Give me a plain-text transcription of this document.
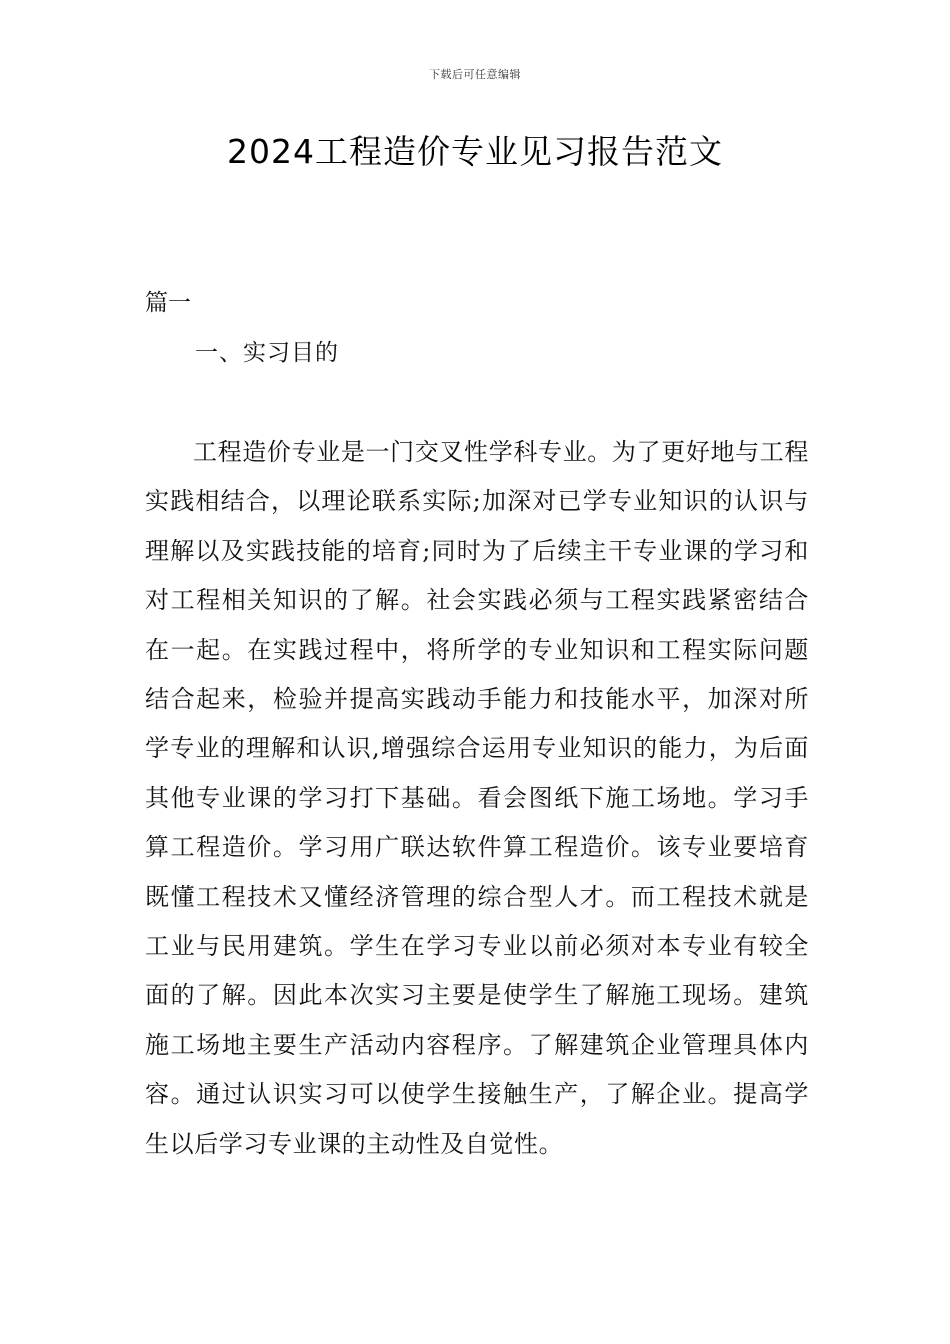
下载后可任意编辑
2024工程造价专业见习报告范文
篇一
一、实习目的

工程造价专业是一门交叉性学科专业。为了更好地与工程实践相结合，以理论联系实际;加深对已学专业知识的认识与理解以及实践技能的培育;同时为了后续主干专业课的学习和对工程相关知识的了解。社会实践必须与工程实践紧密结合在一起。在实践过程中，将所学的专业知识和工程实际问题结合起来，检验并提高实践动手能力和技能水平，加深对所学专业的理解和认识,增强综合运用专业知识的能力，为后面其他专业课的学习打下基础。看会图纸下施工场地。学习手算工程造价。学习用广联达软件算工程造价。该专业要培育既懂工程技术又懂经济管理的综合型人才。而工程技术就是工业与民用建筑。学生在学习专业以前必须对本专业有较全面的了解。因此本次实习主要是使学生了解施工现场。建筑施工场地主要生产活动内容程序。了解建筑企业管理具体内容。通过认识实习可以使学生接触生产，了解企业。提高学生以后学习专业课的主动性及自觉性。
